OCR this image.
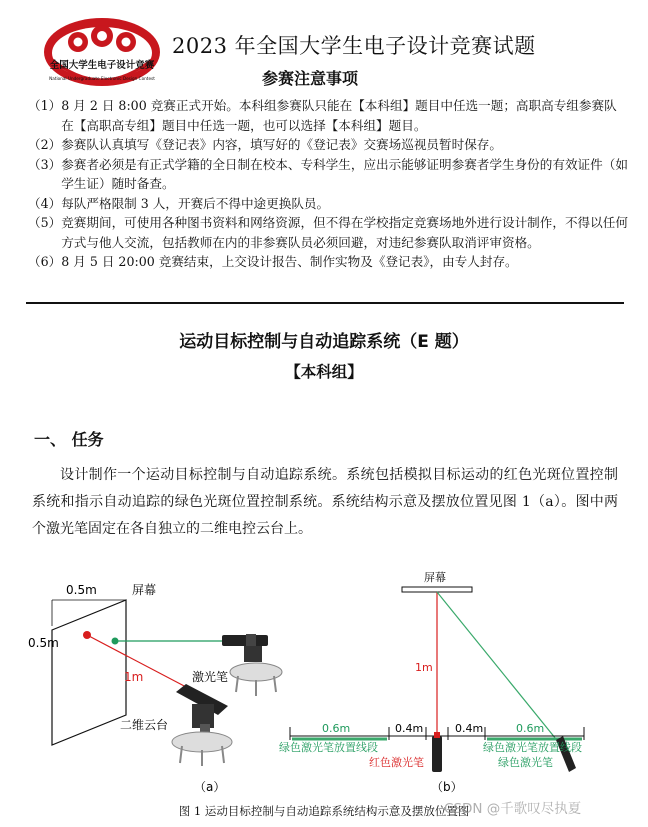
全国大学生电子设计竞赛
National Undergraduate Electronic Design Contest
2023 年全国大学生电子设计竞赛试题
参赛注意事项
（1） 8 月 2 日 8:00 竞赛正式开始。本科组参赛队只能在【本科组】题目中任选一题；高职高专组参赛队在【高职高专组】题目中任选一题，也可以选择【本科组】题目。
（2） 参赛队认真填写《登记表》内容，填写好的《登记表》交赛场巡视员暂时保存。
（3） 参赛者必须是有正式学籍的全日制在校本、专科学生，应出示能够证明参赛者学生身份的有效证件（如学生证）随时备查。
（4） 每队严格限制 3 人，开赛后不得中途更换队员。
（5） 竞赛期间，可使用各种图书资料和网络资源，但不得在学校指定竞赛场地外进行设计制作，不得以任何方式与他人交流，包括教师在内的非参赛队员必须回避，对违纪参赛队取消评审资格。
（6） 8 月 5 日 20:00 竞赛结束，上交设计报告、制作实物及《登记表》，由专人封存。
运动目标控制与自动追踪系统（E 题）
【本科组】
一、 任务
设计制作一个运动目标控制与自动追踪系统。系统包括模拟目标运动的红色光斑位置控制系统和指示自动追踪的绿色光斑位置控制系统。系统结构示意及摆放位置见图 1（a）。图中两个激光笔固定在各自独立的二维电控云台上。
0.5m
0.5m
屏幕
1m	激光笔
二维云台
（a）
屏幕
1m
0.6m	0.4m	0.4m	0.6m
绿色激光笔放置线段	绿色激光笔放置线段
红色激光笔	绿色激光笔
（b）
图 1 运动目标控制与自动追踪系统结构示意及摆放位置图
CSDN @千歌叹尽执夏
